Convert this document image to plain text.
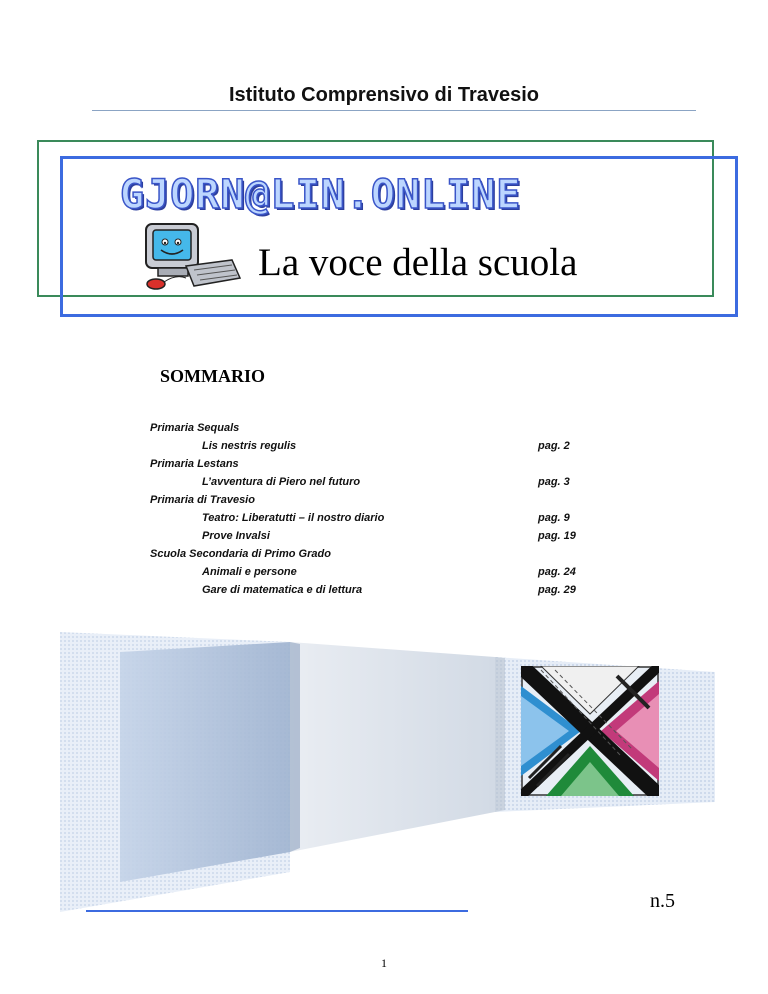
Istituto Comprensivo di Travesio
GJORN@LIN.ONLINE
La voce della scuola
SOMMARIO
Primaria Sequals
Lis nestris regulis	pag. 2
Primaria Lestans
L’avventura di Piero nel futuro	pag. 3
Primaria di Travesio
Teatro: Liberatutti – il nostro diario	pag. 9
Prove Invalsi	pag. 19
Scuola Secondaria di Primo Grado
Animali e persone	pag. 24
Gare di matematica e di lettura	pag. 29
n.5
1
